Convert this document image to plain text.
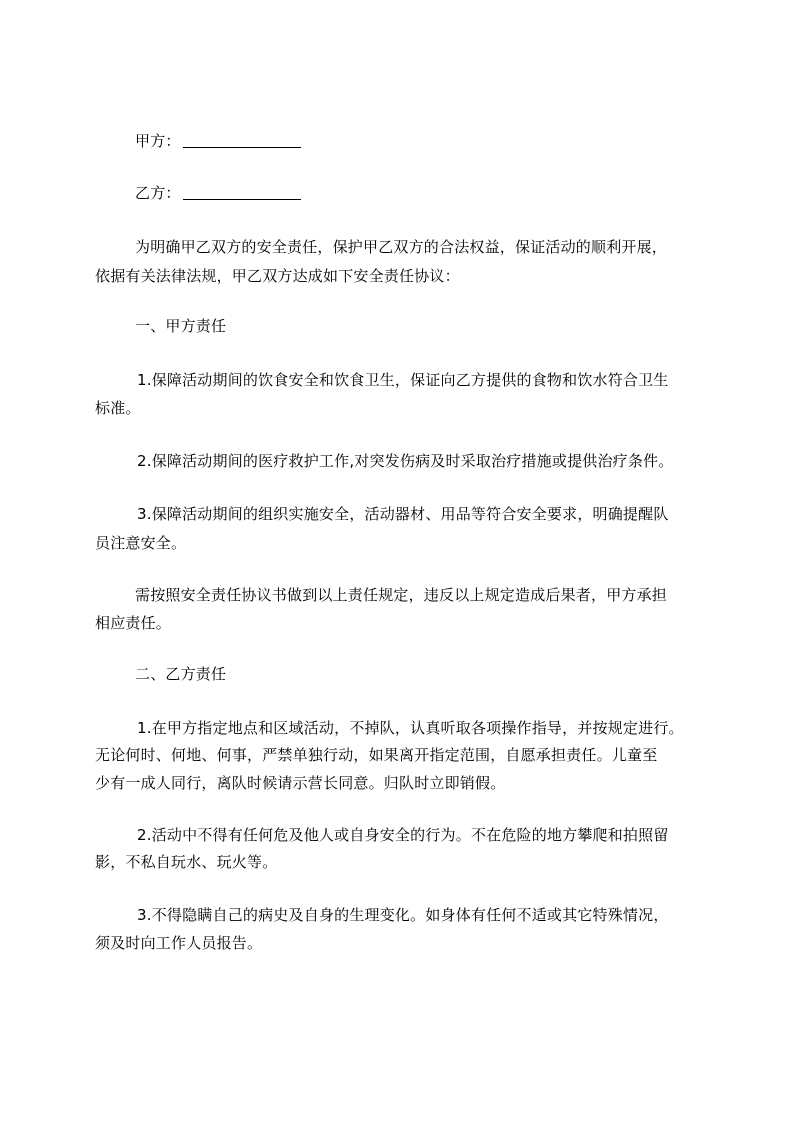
甲方：
乙方：
为明确甲乙双方的安全责任，保护甲乙双方的合法权益，保证活动的顺利开展，
依据有关法律法规，甲乙双方达成如下安全责任协议：
一、甲方责任
1.保障活动期间的饮食安全和饮食卫生，保证向乙方提供的食物和饮水符合卫生
标准。
2.保障活动期间的医疗救护工作,对突发伤病及时采取治疗措施或提供治疗条件。
3.保障活动期间的组织实施安全，活动器材、用品等符合安全要求，明确提醒队
员注意安全。
需按照安全责任协议书做到以上责任规定，违反以上规定造成后果者，甲方承担
相应责任。
二、乙方责任
1.在甲方指定地点和区域活动，不掉队，认真听取各项操作指导，并按规定进行。
无论何时、何地、何事，严禁单独行动，如果离开指定范围，自愿承担责任。儿童至
少有一成人同行，离队时候请示营长同意。归队时立即销假。
2.活动中不得有任何危及他人或自身安全的行为。不在危险的地方攀爬和拍照留
影，不私自玩水、玩火等。
3.不得隐瞒自己的病史及自身的生理变化。如身体有任何不适或其它特殊情况，
须及时向工作人员报告。
